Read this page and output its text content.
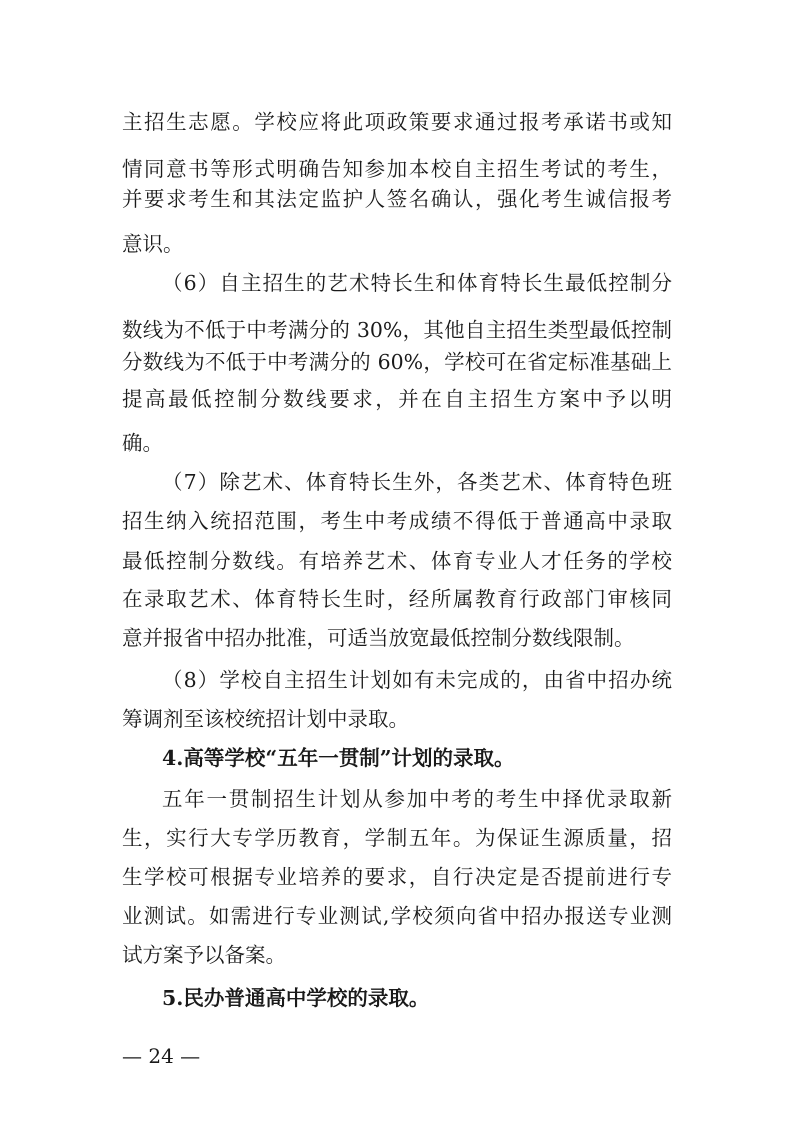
主招生志愿。学校应将此项政策要求通过报考承诺书或知
情同意书等形式明确告知参加本校自主招生考试的考生，
并要求考生和其法定监护人签名确认，强化考生诚信报考
意识。
（6）自主招生的艺术特长生和体育特长生最低控制分
数线为不低于中考满分的 30%，其他自主招生类型最低控制
分数线为不低于中考满分的 60%，学校可在省定标准基础上
提高最低控制分数线要求，并在自主招生方案中予以明
确。
（7）除艺术、体育特长生外，各类艺术、体育特色班
招生纳入统招范围，考生中考成绩不得低于普通高中录取
最低控制分数线。有培养艺术、体育专业人才任务的学校
在录取艺术、体育特长生时，经所属教育行政部门审核同
意并报省中招办批准，可适当放宽最低控制分数线限制。
（8）学校自主招生计划如有未完成的，由省中招办统
筹调剂至该校统招计划中录取。
4.高等学校“五年一贯制”计划的录取。
五年一贯制招生计划从参加中考的考生中择优录取新
生，实行大专学历教育，学制五年。为保证生源质量，招
生学校可根据专业培养的要求，自行决定是否提前进行专
业测试。如需进行专业测试,学校须向省中招办报送专业测
试方案予以备案。
5.民办普通高中学校的录取。
— 24 —
